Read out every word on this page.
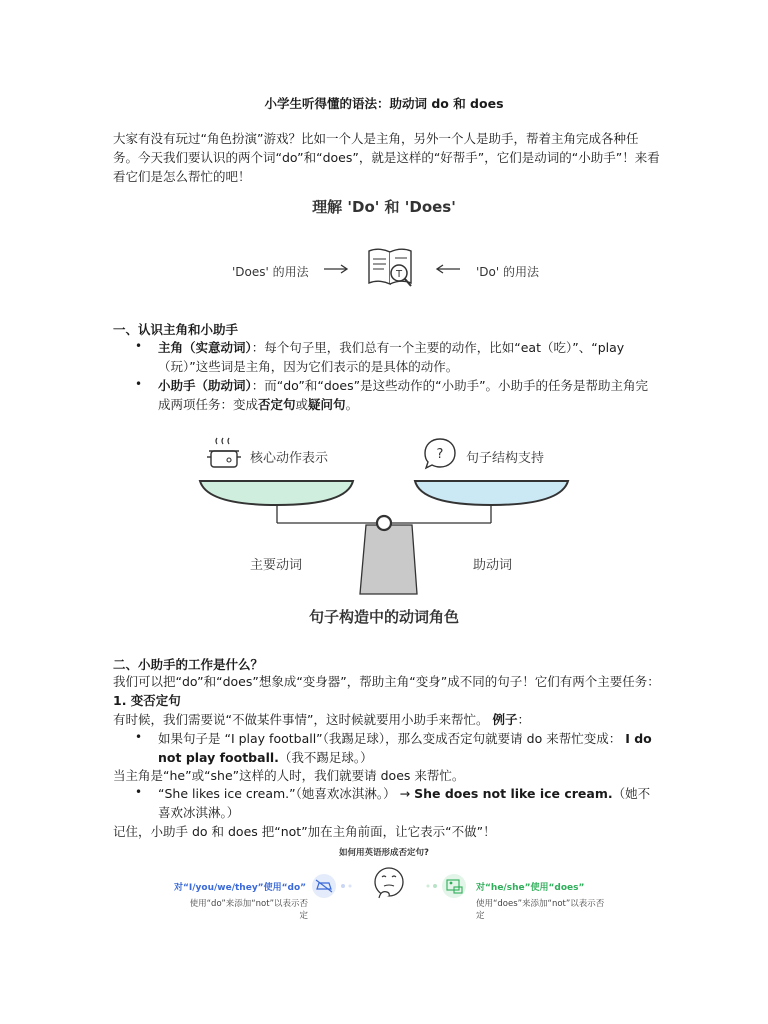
小学生听得懂的语法：助动词 do 和 does
大家有没有玩过“角色扮演”游戏？比如一个人是主角，另外一个人是助手，帮着主角完成各种任务。今天我们要认识的两个词“do”和“does”，就是这样的“好帮手”，它们是动词的“小助手”！来看看它们是怎么帮忙的吧！
理解 'Do' 和 'Does'
'Does' 的用法	T	'Do' 的用法
一、认识主角和小助手
• 主角（实意动词）：每个句子里，我们总有一个主要的动作，比如“eat（吃）”、“play（玩）”这些词是主角，因为它们表示的是具体的动作。
• 小助手（助动词）：而“do”和“does”是这些动作的“小助手”。小助手的任务是帮助主角完成两项任务：变成否定句或疑问句。
核心动作表示	? 句子结构支持
主要动词	助动词
句子构造中的动词角色
二、小助手的工作是什么？
我们可以把“do”和“does”想象成“变身器”，帮助主角“变身”成不同的句子！它们有两个主要任务：
1. 变否定句
有时候，我们需要说“不做某件事情”，这时候就要用小助手来帮忙。 例子：
• 如果句子是 “I play football”（我踢足球），那么变成否定句就要请 do 来帮忙变成： I do not play football.（我不踢足球。）
当主角是“he”或“she”这样的人时，我们就要请 does 来帮忙。
• “She likes ice cream.”（她喜欢冰淇淋。） → She does not like ice cream.（她不喜欢冰淇淋。）
记住，小助手 do 和 does 把“not”加在主角前面，让它表示“不做”！
如何用英语形成否定句?
对“I/you/we/they”使用“do”
使用“do”来添加“not”以表示否定
对“he/she”使用“does”
使用“does”来添加“not”以表示否定
